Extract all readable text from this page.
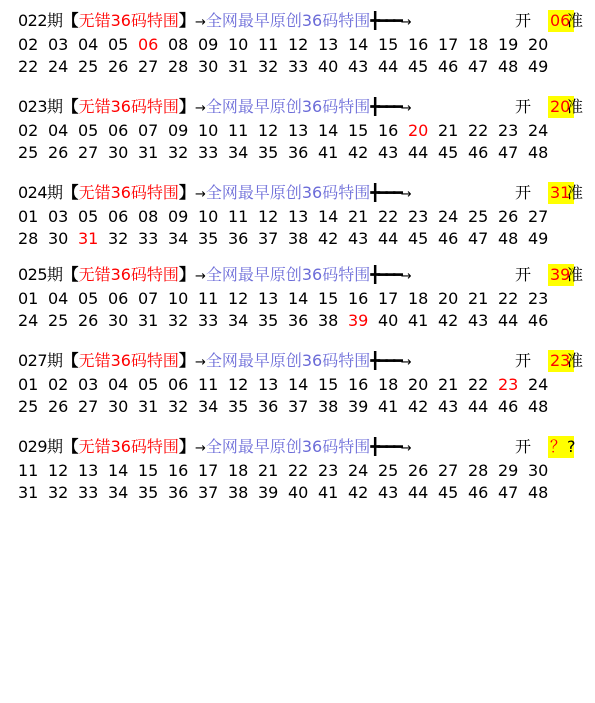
022期【无错36码特围】→全网最早原创36码特围╋━━━→	开 06
准
02 03 04 05 06 08 09 10 11 12 13 14 15 16 17 18 19 20
22 24 25 26 27 28 30 31 32 33 40 43 44 45 46 47 48 49
023期【无错36码特围】→全网最早原创36码特围╋━━━→	开 20
准
02 04 05 06 07 09 10 11 12 13 14 15 16 20 21 22 23 24
25 26 27 30 31 32 33 34 35 36 41 42 43 44 45 46 47 48
024期【无错36码特围】→全网最早原创36码特围╋━━━→	开 31
准
01 03 05 06 08 09 10 11 12 13 14 21 22 23 24 25 26 27
28 30 31 32 33 34 35 36 37 38 42 43 44 45 46 47 48 49
025期【无错36码特围】→全网最早原创36码特围╋━━━→	开 39
准
01 04 05 06 07 10 11 12 13 14 15 16 17 18 20 21 22 23
24 25 26 30 31 32 33 34 35 36 38 39 40 41 42 43 44 46
027期【无错36码特围】→全网最早原创36码特围╋━━━→	开 23
准
01 02 03 04 05 06 11 12 13 14 15 16 18 20 21 22 23 24
25 26 27 30 31 32 34 35 36 37 38 39 41 42 43 44 46 48
029期【无错36码特围】→全网最早原创36码特围╋━━━→	开 ？ ?
11 12 13 14 15 16 17 18 21 22 23 24 25 26 27 28 29 30
31 32 33 34 35 36 37 38 39 40 41 42 43 44 45 46 47 48
